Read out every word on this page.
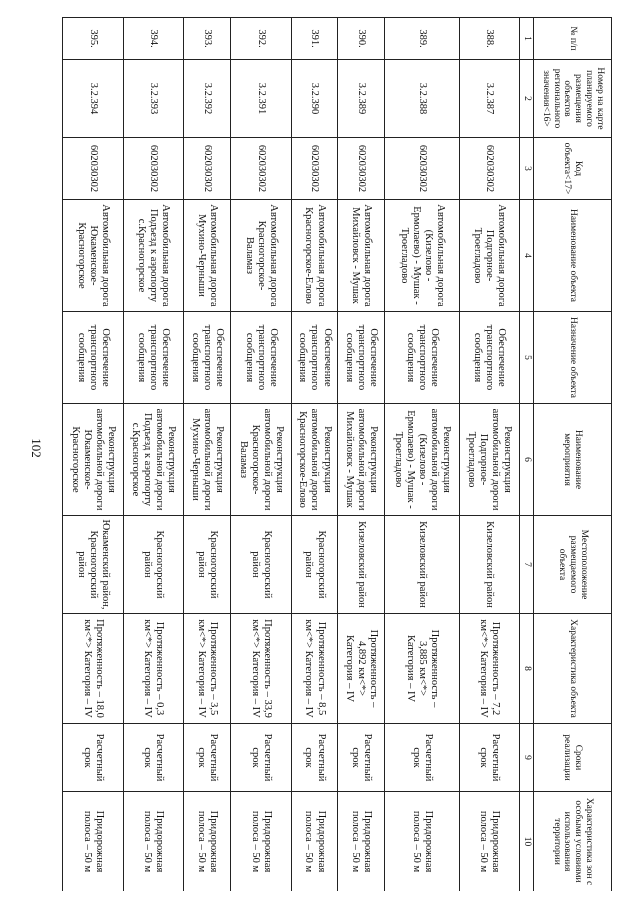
102
№ п/п	Номер на карте планируемого размещения объектов регионального значения<16>	Код объекта<17>	Наименование объекта	Назначение объекта	Наименование мероприятия	Местоположение размещаемого объекта	Характеристика объекта	Сроки реализации	Характеристика зон с особыми условиями использования территории
1	2	3	4	5	6	7	8	9	10
388.	3.2.387	602030302	Автомобильная дорога Подгорное-Троегладово	Обеспечение транспортного сообщения	Реконструкция автомобильной дороги Подгорное-Троегладово	Кизеловский район	Протяженность – 7,2 км<*> Категория – IV	Расчетный срок	Придорожная полоса – 50 м
389.	3.2.388	602030302	Автомобильная дорога (Кизелово - Ермолаево) - Мушак - Троегладово	Обеспечение транспортного сообщения	Реконструкция автомобильной дороги (Кизелово - Ермолаево) - Мушак - Троегладово	Кизеловский район	Протяженность – 3,885 км<*> Категория – IV	Расчетный срок	Придорожная полоса – 50 м
390.	3.2.389	602030302	Автомобильная дорога Михайловск - Мушак	Обеспечение транспортного сообщения	Реконструкция автомобильной дороги Михайловск - Мушак	Кизеловский район	Протяженность – 4,892 км<*> Категория – IV	Расчетный срок	Придорожная полоса – 50 м
391.	3.2.390	602030302	Автомобильная дорога Красногорское-Елово	Обеспечение транспортного сообщения	Реконструкция автомобильной дороги Красногорское-Елово	Красногорский район	Протяженность – 8,5 км<*> Категория – IV	Расчетный срок	Придорожная полоса – 50 м
392.	3.2.391	602030302	Автомобильная дорога Красногорское-Валамаз	Обеспечение транспортного сообщения	Реконструкция автомобильной дороги Красногорское-Валамаз	Красногорский район	Протяженность – 33,9 км<*> Категория – IV	Расчетный срок	Придорожная полоса – 50 м
393.	3.2.392	602030302	Автомобильная дорога Мухино-Черныши	Обеспечение транспортного сообщения	Реконструкция автомобильной дороги Мухино-Черныши	Красногорский район	Протяженность – 3,5 км<*> Категория – IV	Расчетный срок	Придорожная полоса – 50 м
394.	3.2.393	602030302	Автомобильная дорога Подъезд к аэропорту с.Красногорское	Обеспечение транспортного сообщения	Реконструкция автомобильной дороги Подъезд к аэропорту с.Красногорское	Красногорский район	Протяженность – 0,3 км<*> Категория – IV	Расчетный срок	Придорожная полоса – 50 м
395.	3.2.394	602030302	Автомобильная дорога Юкаменское-Красногорское	Обеспечение транспортного сообщения	Реконструкция автомобильной дороги Юкаменское-Красногорское	Юкаменский район, Красногорский район	Протяженность – 18,0 км<*> Категория – IV	Расчетный срок	Придорожная полоса – 50 м
